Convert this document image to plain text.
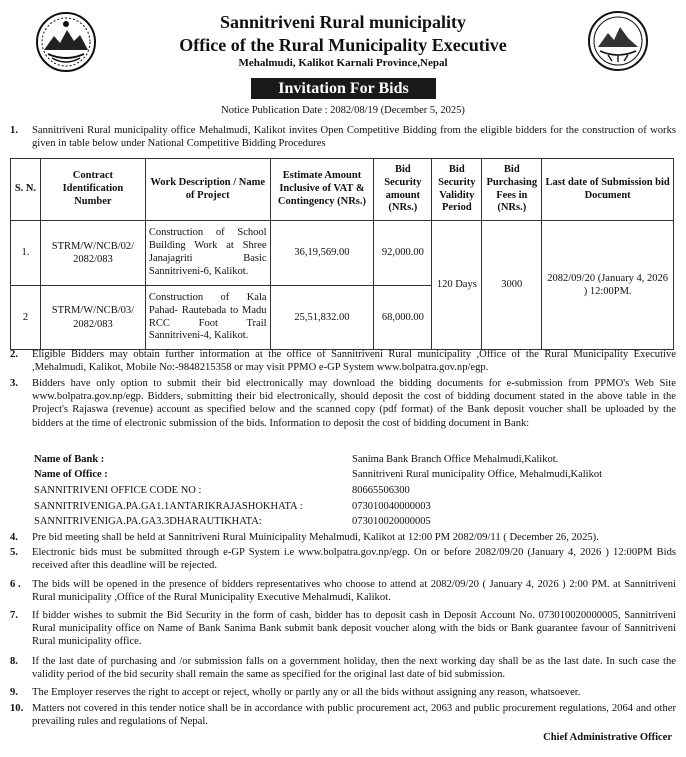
Sannitriveni Rural municipality
Office of the Rural Municipality Executive
Mehalmudi, Kalikot Karnali Province,Nepal
Invitation For Bids
Notice Publication Date : 2082/08/19 (December 5, 2025)
1. Sannitriveni Rural municipality office Mehalmudi, Kalikot invites Open Competitive Bidding from the eligible bidders for the construction of works given in table below under National Competitive Bidding Procedures
S. N.	Contract Identification Number	Work Description / Name of Project	Estimate Amount Inclusive of VAT & Contingency (NRs.)	Bid Security amount (NRs.)	Bid Security Validity Period	Bid Purchasing Fees in (NRs.)	Last date of Submission bid Document
1.	STRM/W/NCB/02/ 2082/083	Construction of School Building Work at Shree Janajagriti Basic Sannitriveni-6, Kalikot.	36,19,569.00	92,000.00	120 Days	3000	2082/09/20 (January 4, 2026 ) 12:00PM.
2	STRM/W/NCB/03/ 2082/083	Construction of Kala Pahad- Rautebada to Madu RCC Foot Trail Sannitriveni-4, Kalikot.	25,51,832.00	68,000.00			
2. Eligible Bidders may obtain further information at the office of Sannitriveni Rural municipality ,Office of the Rural Municipality Executive ,Mehalmudi, Kalikot, Mobile No:-9848215358 or may visit PPMO e-GP System www.bolpatra.gov.np/egp.
3. Bidders have only option to submit their bid electronically may download the bidding documents for e-submission from PPMO's Web Site www.bolpatra.gov.np/egp. Bidders, submitting their bid electronically, should deposit the cost of bidding document stated in the above table in the Project's Rajaswa (revenue) account as specified below and the scanned copy (pdf format) of the Bank deposit voucher shall be uploaded by the bidders at the time of electronic submission of the bids. Information to deposit the cost of bidding document in Bank:
Name of Bank :	Sanima Bank Branch Office Mehalmudi,Kalikot.
Name of Office :	Sannitriveni Rural municipality Office, Mehalmudi,Kalikot
SANNITRIVENI OFFICE CODE NO :	80665506300
SANNITRIVENIGA.PA.GA1.1ANTARIKRAJASHOKHATA :	073010040000003
SANNITRIVENIGA.PA.GA3.3DHARAUTIKHATA:	073010020000005
4. Pre bid meeting shall be held at Sannitriveni Rural Muinicipality Mehalmudi, Kalikot at 12:00 PM 2082/09/11 ( December 26, 2025).
5. Electronic bids must be submitted through e-GP System i.e www.bolpatra.gov.np/egp. On or before 2082/09/20 (January 4, 2026 ) 12:00PM Bids received after this deadline will be rejected.
6 . The bids will be opened in the presence of bidders representatives who choose to attend at 2082/09/20 ( January 4, 2026 ) 2:00 PM. at Sannitriveni Rural municipality ,Office of the Rural Municipality Executive Mehalmudi, Kalikot.
7. If bidder wishes to submit the Bid Security in the form of cash, bidder has to deposit cash in Deposit Account No. 073010020000005, Sannitriveni Rural municipality office on Name of Bank Sanima Bank submit bank deposit voucher along with the bids or Bank guarantee favour of Sannitriveni Rural municipality office.
8. If the last date of purchasing and /or submission falls on a government holiday, then the next working day shall be as the last date. In such case the validity period of the bid security shall remain the same as specified for the original last date of bid submission.
9. The Employer reserves the right to accept or reject, wholly or partly any or all the bids without assigning any reason, whatsoever.
10. Matters not covered in this tender notice shall be in accordance with public procurement act, 2063 and public procurement regulations, 2064 and other prevailing rules and regulations of Nepal.
Chief Administrative Officer
